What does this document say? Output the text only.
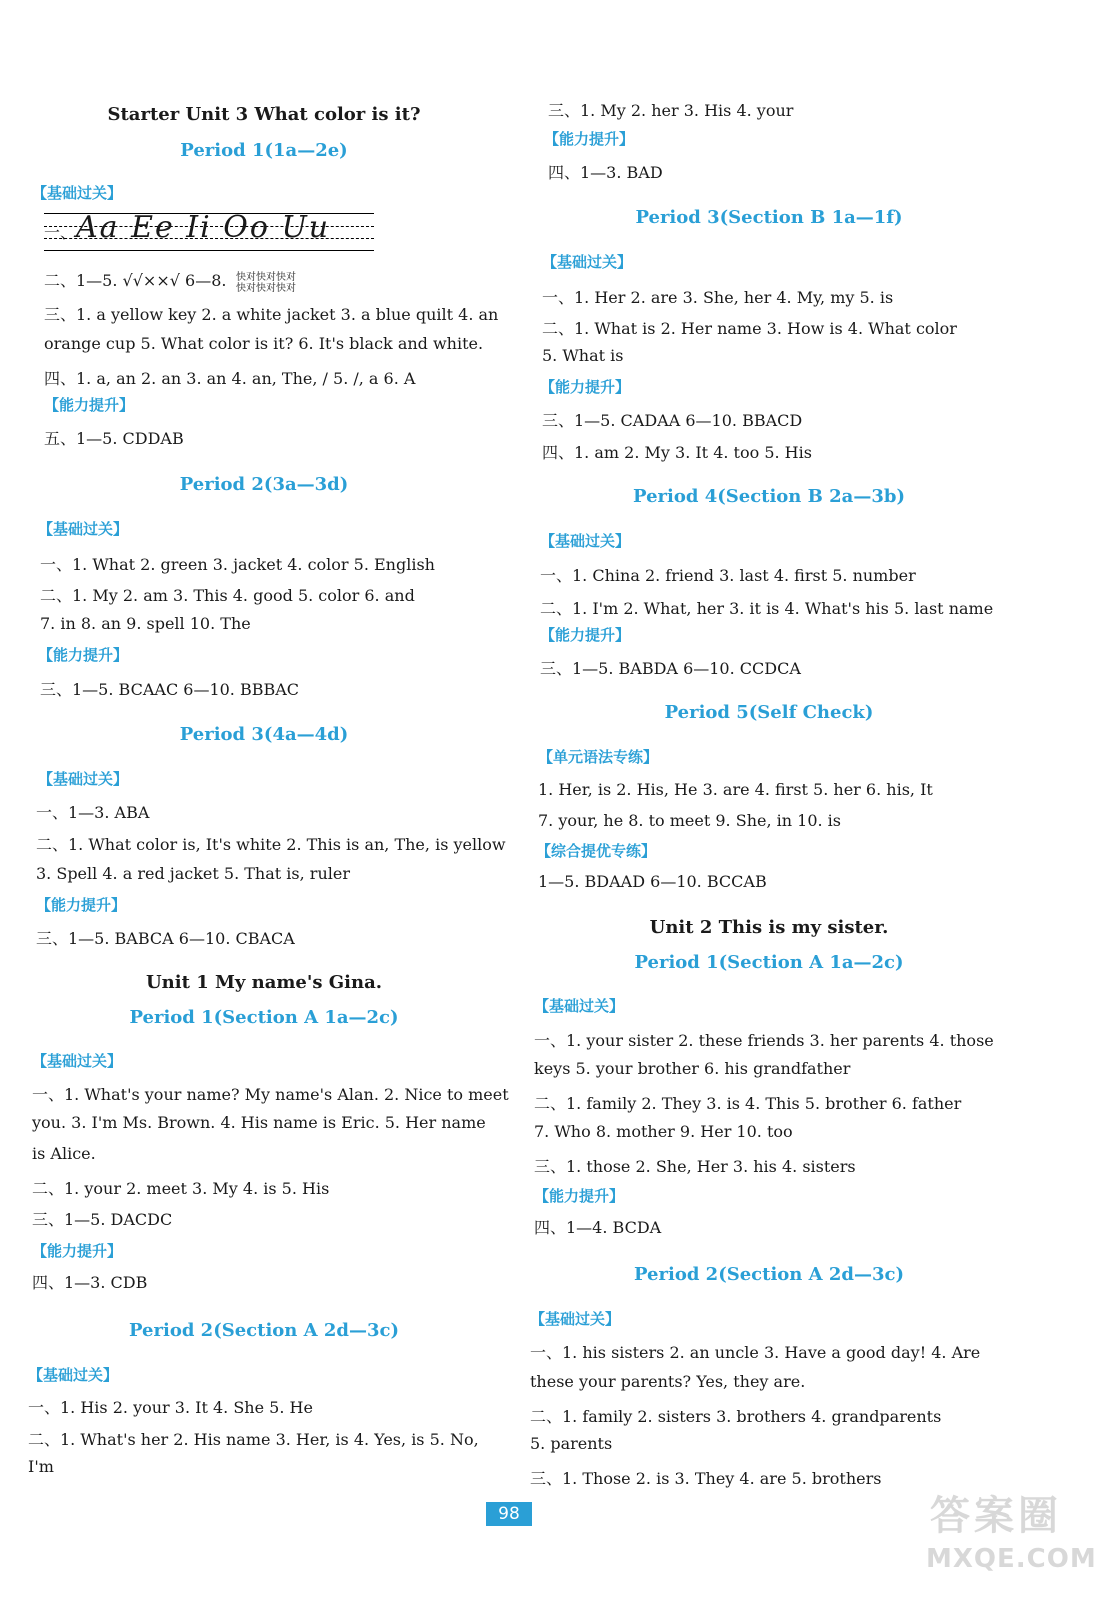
Starter Unit 3 What color is it?
Period 1(1a—2e)
【基础过关】
一、 Aa Ee Ii Oo Uu
二、1—5. √√××√ 6—8. 快对快对快对
快对快对快对
三、1. a yellow key 2. a white jacket 3. a blue quilt 4. an
orange cup 5. What color is it? 6. It's black and white.
四、1. a, an 2. an 3. an 4. an, The, / 5. /, a 6. A
【能力提升】
五、1—5. CDDAB
Period 2(3a—3d)
【基础过关】
一、1. What 2. green 3. jacket 4. color 5. English
二、1. My 2. am 3. This 4. good 5. color 6. and
7. in 8. an 9. spell 10. The
【能力提升】
三、1—5. BCAAC 6—10. BBBAC
Period 3(4a—4d)
【基础过关】
一、1—3. ABA
二、1. What color is, It's white 2. This is an, The, is yellow
3. Spell 4. a red jacket 5. That is, ruler
【能力提升】
三、1—5. BABCA 6—10. CBACA
Unit 1 My name's Gina.
Period 1(Section A 1a—2c)
【基础过关】
一、1. What's your name? My name's Alan. 2. Nice to meet
you. 3. I'm Ms. Brown. 4. His name is Eric. 5. Her name
is Alice.
二、1. your 2. meet 3. My 4. is 5. His
三、1—5. DACDC
【能力提升】
四、1—3. CDB
Period 2(Section A 2d—3c)
【基础过关】
一、1. His 2. your 3. It 4. She 5. He
二、1. What's her 2. His name 3. Her, is 4. Yes, is 5. No,
I'm
三、1. My 2. her 3. His 4. your
【能力提升】
四、1—3. BAD
Period 3(Section B 1a—1f)
【基础过关】
一、1. Her 2. are 3. She, her 4. My, my 5. is
二、1. What is 2. Her name 3. How is 4. What color
5. What is
【能力提升】
三、1—5. CADAA 6—10. BBACD
四、1. am 2. My 3. It 4. too 5. His
Period 4(Section B 2a—3b)
【基础过关】
一、1. China 2. friend 3. last 4. first 5. number
二、1. I'm 2. What, her 3. it is 4. What's his 5. last name
【能力提升】
三、1—5. BABDA 6—10. CCDCA
Period 5(Self Check)
【单元语法专练】
1. Her, is 2. His, He 3. are 4. first 5. her 6. his, It
7. your, he 8. to meet 9. She, in 10. is
【综合提优专练】
1—5. BDAAD 6—10. BCCAB
Unit 2 This is my sister.
Period 1(Section A 1a—2c)
【基础过关】
一、1. your sister 2. these friends 3. her parents 4. those
keys 5. your brother 6. his grandfather
二、1. family 2. They 3. is 4. This 5. brother 6. father
7. Who 8. mother 9. Her 10. too
三、1. those 2. She, Her 3. his 4. sisters
【能力提升】
四、1—4. BCDA
Period 2(Section A 2d—3c)
【基础过关】
一、1. his sisters 2. an uncle 3. Have a good day! 4. Are
these your parents? Yes, they are.
二、1. family 2. sisters 3. brothers 4. grandparents
5. parents
三、1. Those 2. is 3. They 4. are 5. brothers
98	答案圈
MXQE.COM
